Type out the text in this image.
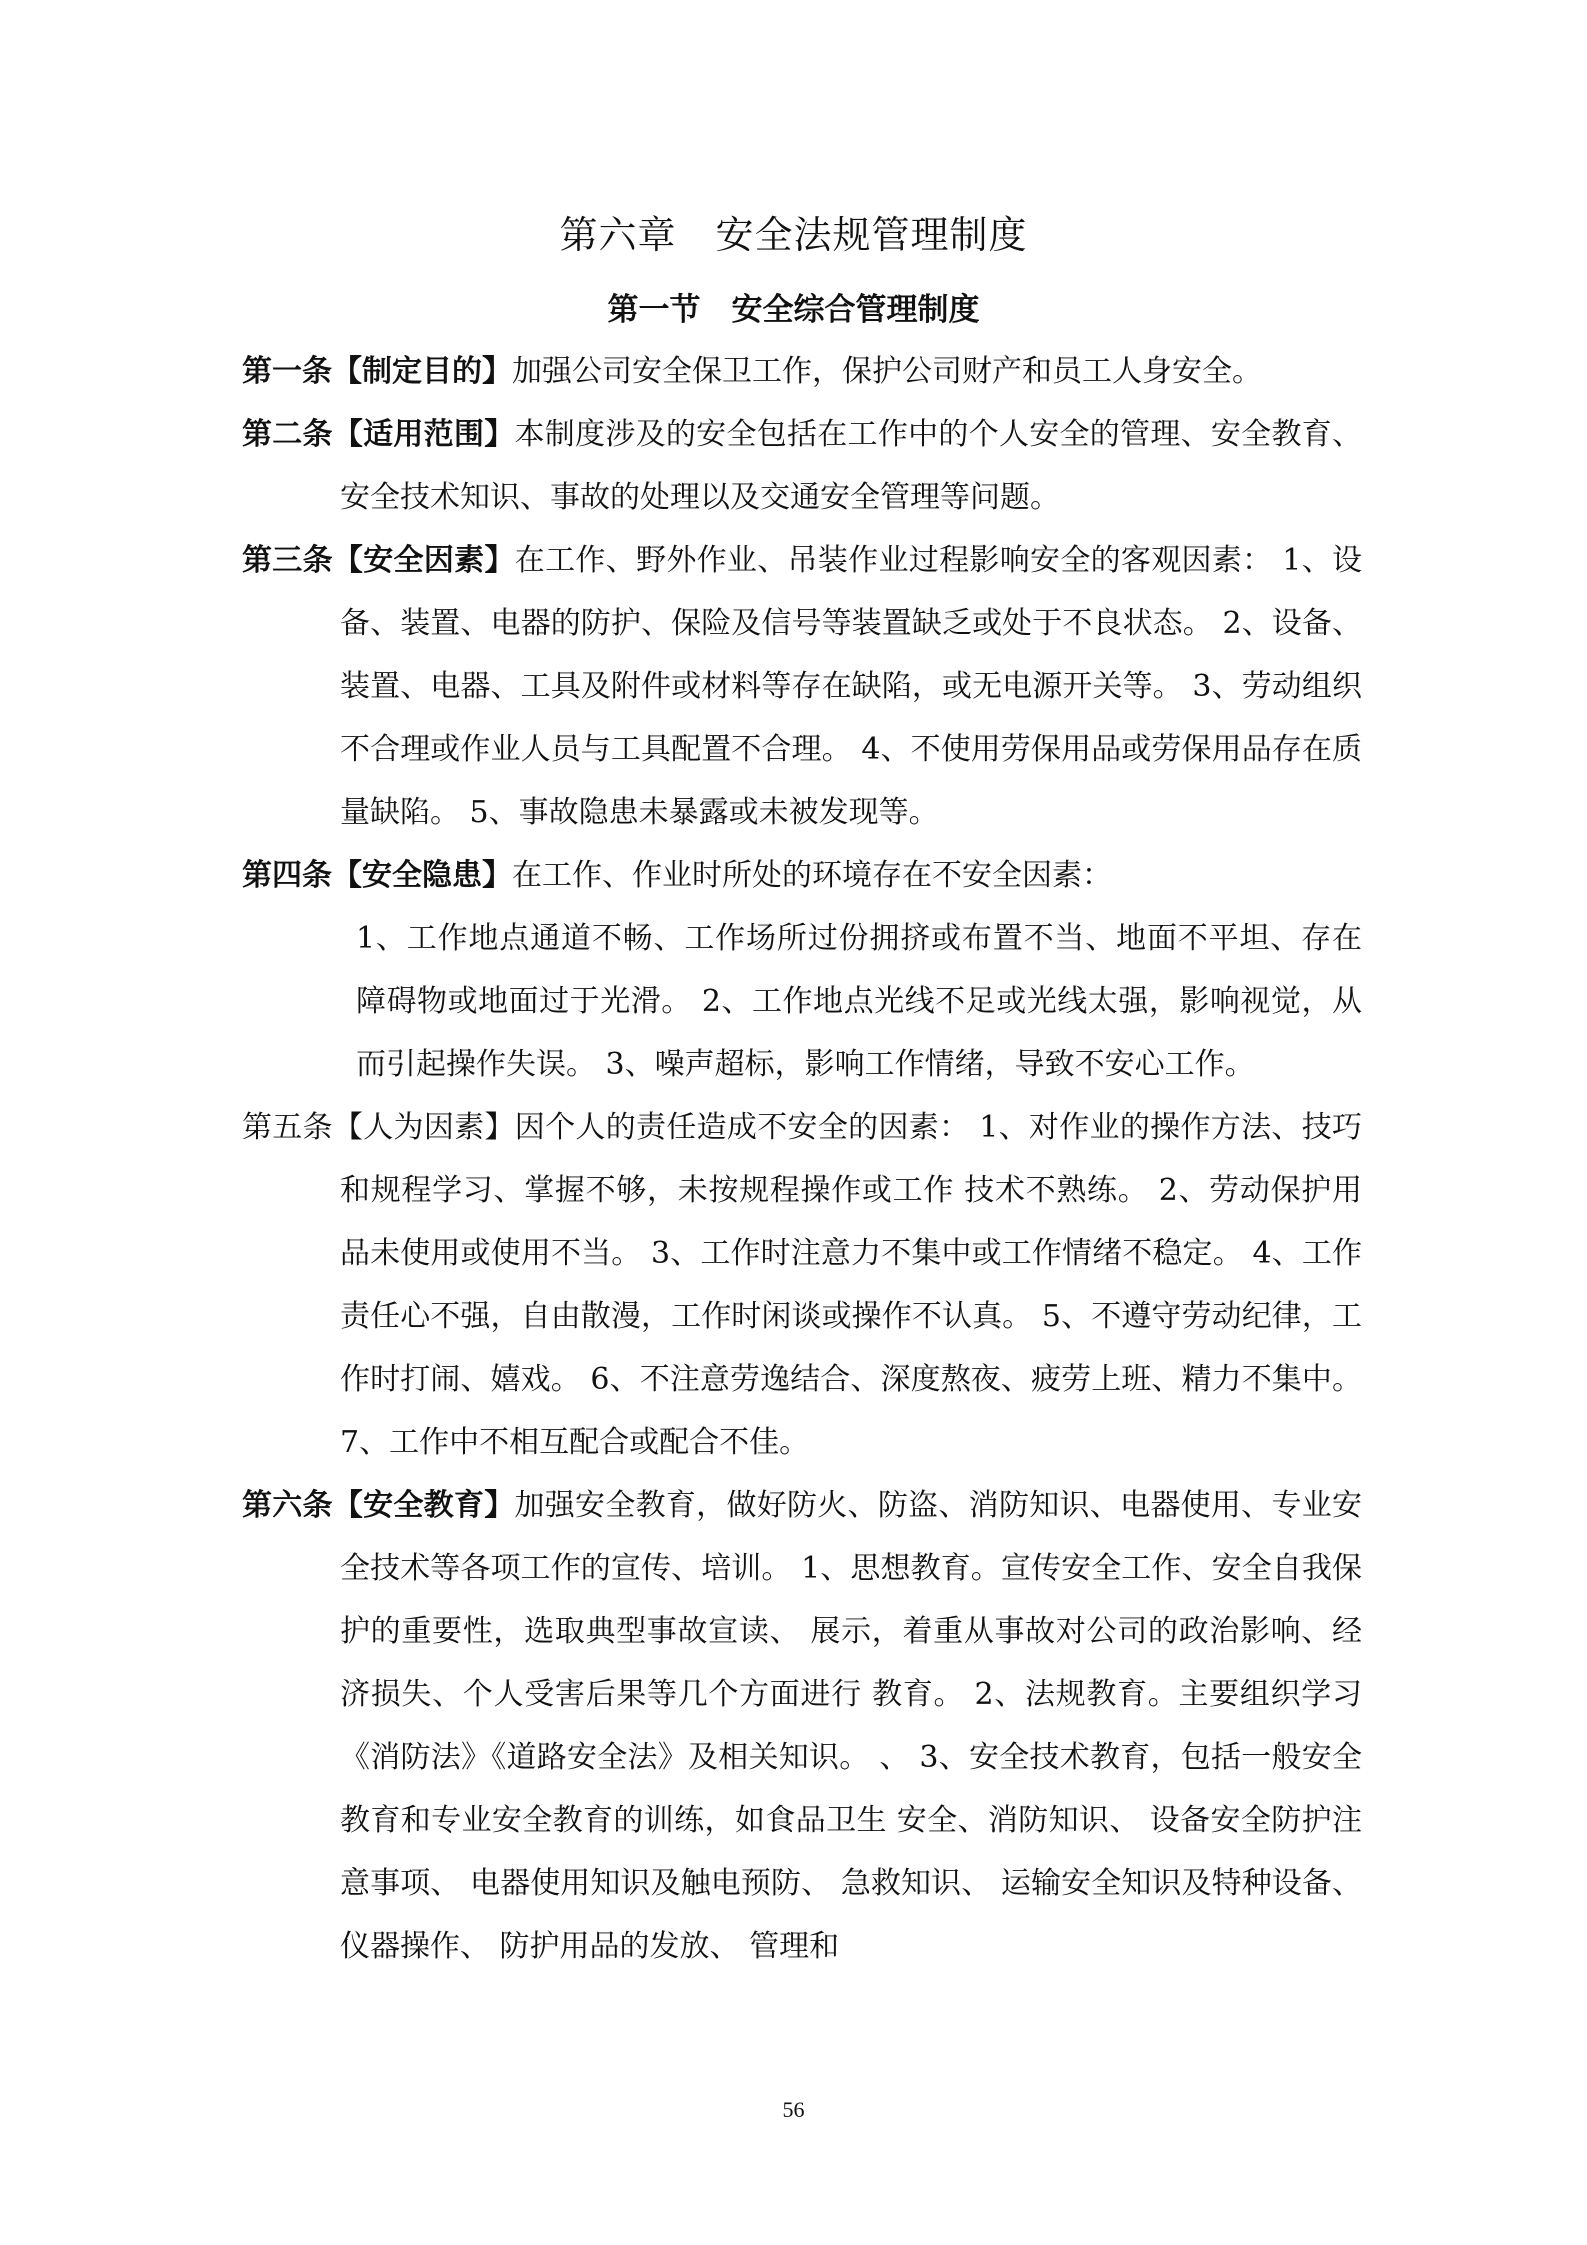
第六章　安全法规管理制度
第一节　安全综合管理制度

第一条【制定目的】加强公司安全保卫工作，保护公司财产和员工人身安全。

第二条【适用范围】本制度涉及的安全包括在工作中的个人安全的管理、安全教育、安全技术知识、事故的处理以及交通安全管理等问题。

第三条【安全因素】在工作、野外作业、吊装作业过程影响安全的客观因素： 1、设备、装置、电器的防护、保险及信号等装置缺乏或处于不良状态。 2、设备、装置、电器、工具及附件或材料等存在缺陷，或无电源开关等。 3、劳动组织不合理或作业人员与工具配置不合理。 4、不使用劳保用品或劳保用品存在质量缺陷。 5、事故隐患未暴露或未被发现等。

第四条【安全隐患】在工作、作业时所处的环境存在不安全因素：

1、工作地点通道不畅、工作场所过份拥挤或布置不当、地面不平坦、存在障碍物或地面过于光滑。 2、工作地点光线不足或光线太强，影响视觉，从而引起操作失误。 3、噪声超标，影响工作情绪，导致不安心工作。

第五条【人为因素】因个人的责任造成不安全的因素： 1、对作业的操作方法、技巧和规程学习、掌握不够，未按规程操作或工作 技术不熟练。 2、劳动保护用品未使用或使用不当。 3、工作时注意力不集中或工作情绪不稳定。 4、工作责任心不强，自由散漫，工作时闲谈或操作不认真。 5、不遵守劳动纪律，工作时打闹、嬉戏。 6、不注意劳逸结合、深度熬夜、疲劳上班、精力不集中。 7、工作中不相互配合或配合不佳。

第六条【安全教育】加强安全教育，做好防火、防盗、消防知识、电器使用、专业安全技术等各项工作的宣传、培训。 1、思想教育。宣传安全工作、安全自我保护的重要性，选取典型事故宣读、 展示，着重从事故对公司的政治影响、经济损失、个人受害后果等几个方面进行 教育。 2、法规教育。主要组织学习《消防法》《道路安全法》及相关知识。 、 3、安全技术教育，包括一般安全教育和专业安全教育的训练，如食品卫生 安全、消防知识、 设备安全防护注意事项、 电器使用知识及触电预防、 急救知识、 运输安全知识及特种设备、 仪器操作、 防护用品的发放、 管理和

56
